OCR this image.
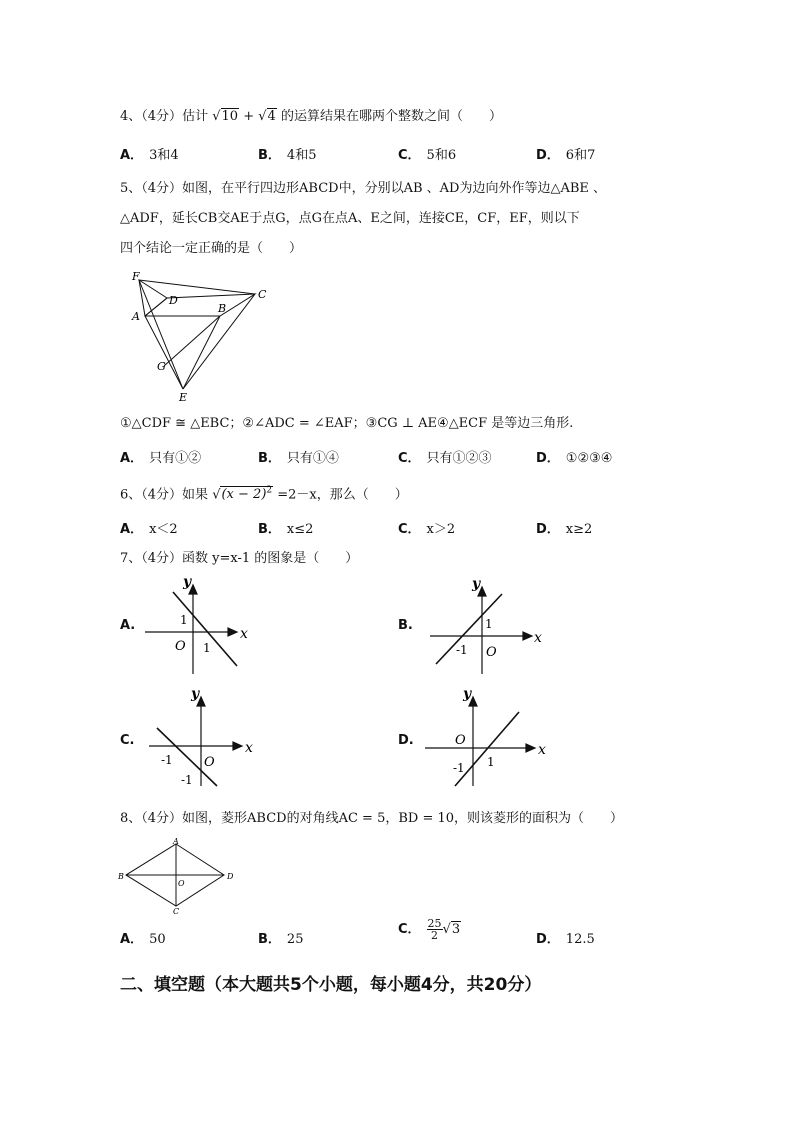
4、（4分）估计 √10 + √4 的运算结果在哪两个整数之间（　　）
A． 3和4	B． 4和5	C． 5和6	D． 6和7
5、（4分）如图，在平行四边形ABCD中，分别以AB 、AD为边向外作等边△ABE 、
△ADF，延长CB交AE于点G，点G在点A、E之间，连接CE，CF，EF，则以下
四个结论一定正确的是（　　）
F
D	C
A
B
G
E
①△CDF ≅ △EBC；②∠ADC = ∠EAF；③CG ⊥ AE④△ECF 是等边三角形.
A． 只有①②	B． 只有①④	C． 只有①②③	D． ①②③④
6、（4分）如果 $√(x - 2)^2 =2-x$，那么（　　）
A． x＜2	B． x≤2	C． x＞2	D． x≥2
7、（4分）函数 y=x-1 的图象是（　　）
A.	B.
C.	D.
x
y
O
1
1
x
y
O
1
-1
x
y
O
-1
-1
x
y
O
1
-1
8、（4分）如图，菱形ABCD的对角线AC = 5，BD = 10，则该菱形的面积为（　　）
A
B	D
C
O
A． 50	B． 25
C． $\frac{25}{2} √3$
D． 12.5
二、填空题（本大题共5个小题，每小题4分，共20分）
